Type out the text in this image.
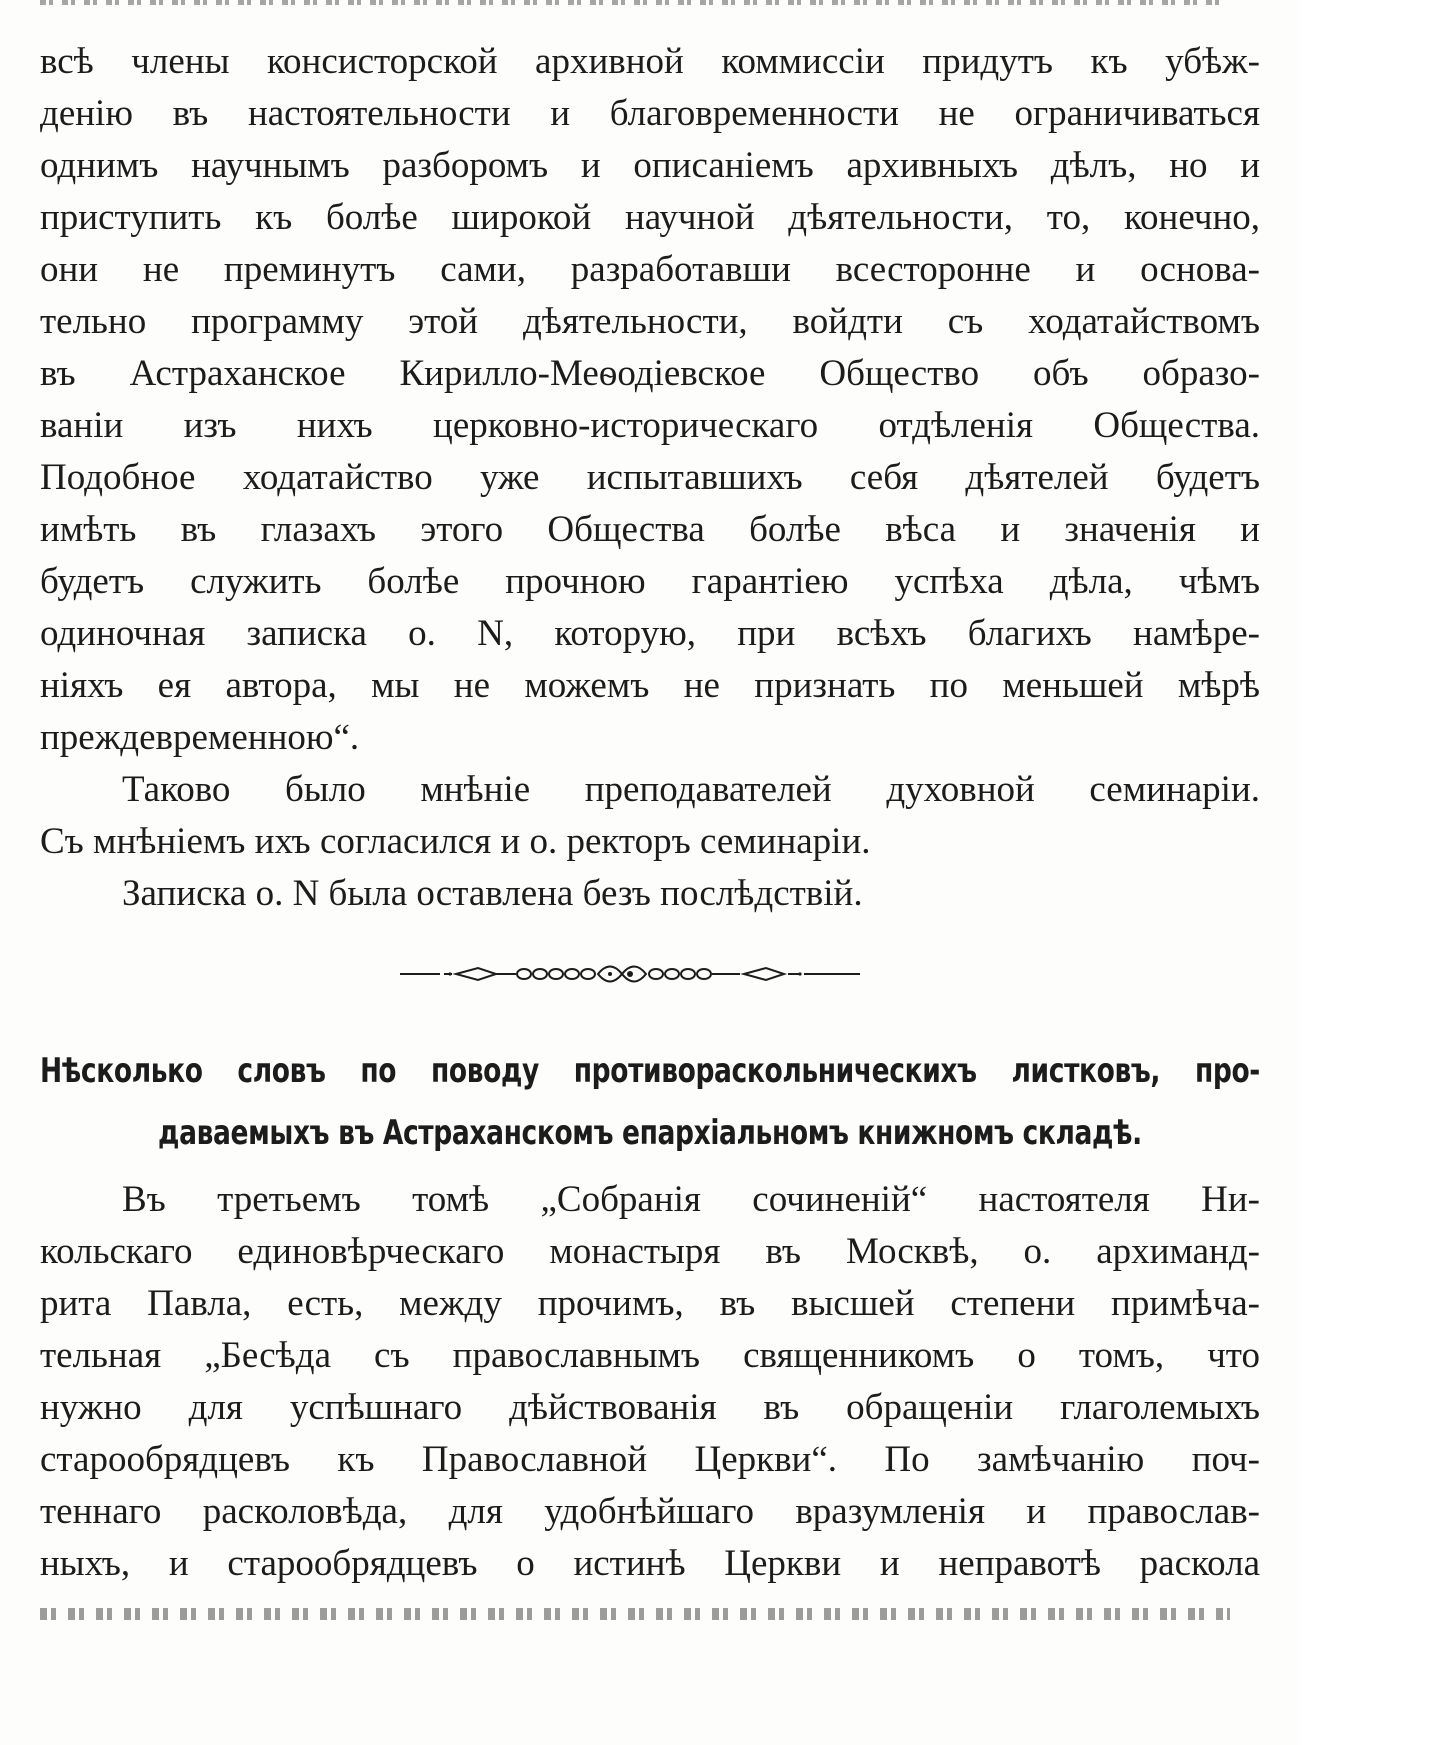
всѣ члены консисторской архивной коммиссіи придутъ къ убѣж-
денію въ настоятельности и благовременности не ограничиваться
однимъ научнымъ разборомъ и описаніемъ архивныхъ дѣлъ, но и
приступить къ болѣе широкой научной дѣятельности, то, конечно,
они не преминутъ сами, разработавши всесторонне и основа-
тельно программу этой дѣятельности, войдти съ ходатайствомъ
въ Астраханское Кирилло-Меѳодіевское Общество объ образо-
ваніи изъ нихъ церковно-историческаго отдѣленія Общества.
Подобное ходатайство уже испытавшихъ себя дѣятелей будетъ
имѣть въ глазахъ этого Общества болѣе вѣса и значенія и
будетъ служить болѣе прочною гарантіею успѣха дѣла, чѣмъ
одиночная записка о. N, которую, при всѣхъ благихъ намѣре-
ніяхъ ея автора, мы не можемъ не признать по меньшей мѣрѣ
преждевременною“.
Таково было мнѣніе преподавателей духовной семинаріи.
Съ мнѣніемъ ихъ согласился и о. ректоръ семинаріи.
Записка о. N была оставлена безъ послѣдствій.
Нѣсколько словъ по поводу противораскольническихъ листковъ, про-
даваемыхъ въ Астраханскомъ епархіальномъ книжномъ складѣ.
Въ третьемъ томѣ „Собранія сочиненій“ настоятеля Ни-
кольскаго единовѣрческаго монастыря въ Москвѣ, о. архиманд-
рита Павла, есть, между прочимъ, въ высшей степени примѣча-
тельная „Бесѣда съ православнымъ священникомъ о томъ, что
нужно для успѣшнаго дѣйствованія въ обращеніи глаголемыхъ
старообрядцевъ къ Православной Церкви“. По замѣчанію поч-
теннаго расколовѣда, для удобнѣйшаго вразумленія и православ-
ныхъ, и старообрядцевъ о истинѣ Церкви и неправотѣ раскола
